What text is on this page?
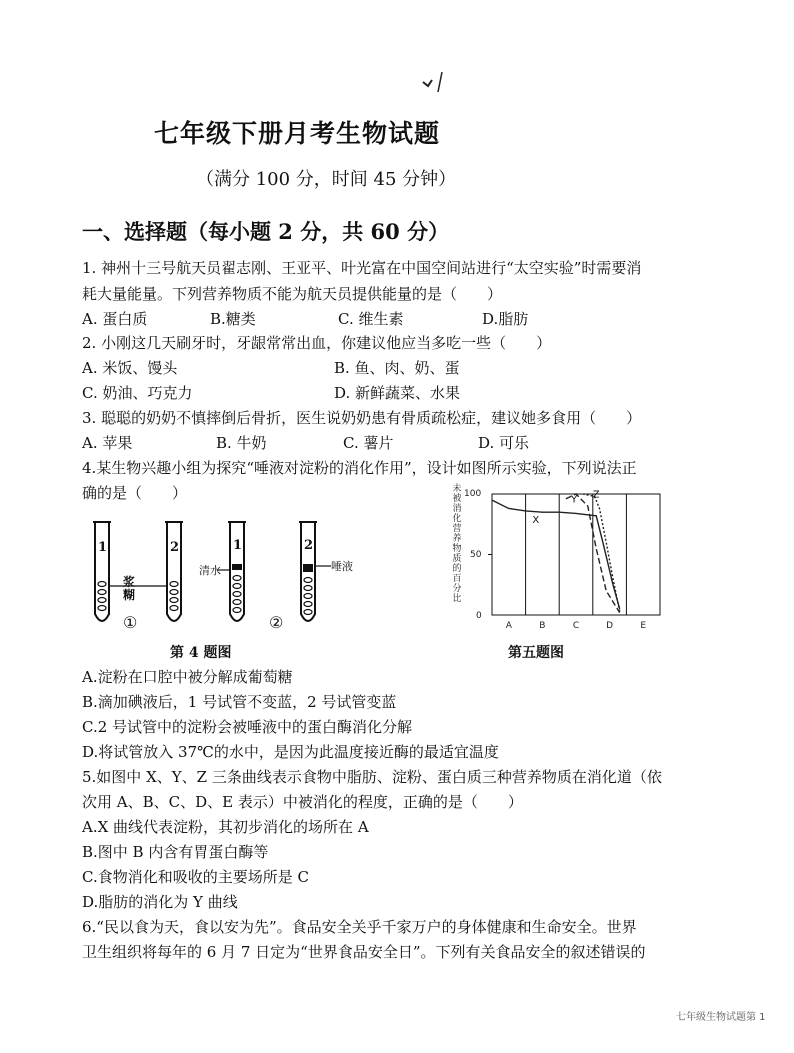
七年级下册月考生物试题
（满分 100 分，时间 45 分钟）
一、选择题（每小题 2 分，共 60 分）
1. 神州十三号航天员翟志刚、王亚平、叶光富在中国空间站进行“太空实验”时需要消
耗大量能量。下列营养物质不能为航天员提供能量的是（　　）
A. 蛋白质	B.糖类	C. 维生素	D.脂肪
2. 小刚这几天刷牙时，牙龈常常出血，你建议他应当多吃一些（　　）
A. 米饭、馒头	B. 鱼、肉、奶、蛋
C. 奶油、巧克力	D. 新鲜蔬菜、水果
3. 聪聪的奶奶不慎摔倒后骨折，医生说奶奶患有骨质疏松症，建议她多食用（　　）
A. 苹果	B. 牛奶	C. 薯片	D. 可乐
4.某生物兴趣小组为探究“唾液对淀粉的消化作用”，设计如图所示实验，下列说法正
确的是（　　）
1	2	1	2
浆糊
清水	唾液
①	②
第 4 题图
未被消化营养物质的百分比
100
50
0
A	B	C	D	E
X
Y Z
第五题图
A.淀粉在口腔中被分解成葡萄糖
B.滴加碘液后，1 号试管不变蓝，2 号试管变蓝
C.2 号试管中的淀粉会被唾液中的蛋白酶消化分解
D.将试管放入 37℃的水中，是因为此温度接近酶的最适宜温度
5.如图中 X、Y、Z 三条曲线表示食物中脂肪、淀粉、蛋白质三种营养物质在消化道（依
次用 A、B、C、D、E 表示）中被消化的程度，正确的是（　　）
A.X 曲线代表淀粉，其初步消化的场所在 A
B.图中 B 内含有胃蛋白酶等
C.食物消化和吸收的主要场所是 C
D.脂肪的消化为 Y 曲线
6.“民以食为天，食以安为先”。食品安全关乎千家万户的身体健康和生命安全。世界
卫生组织将每年的 6 月 7 日定为“世界食品安全日”。下列有关食品安全的叙述错误的
七年级生物试题第 1
